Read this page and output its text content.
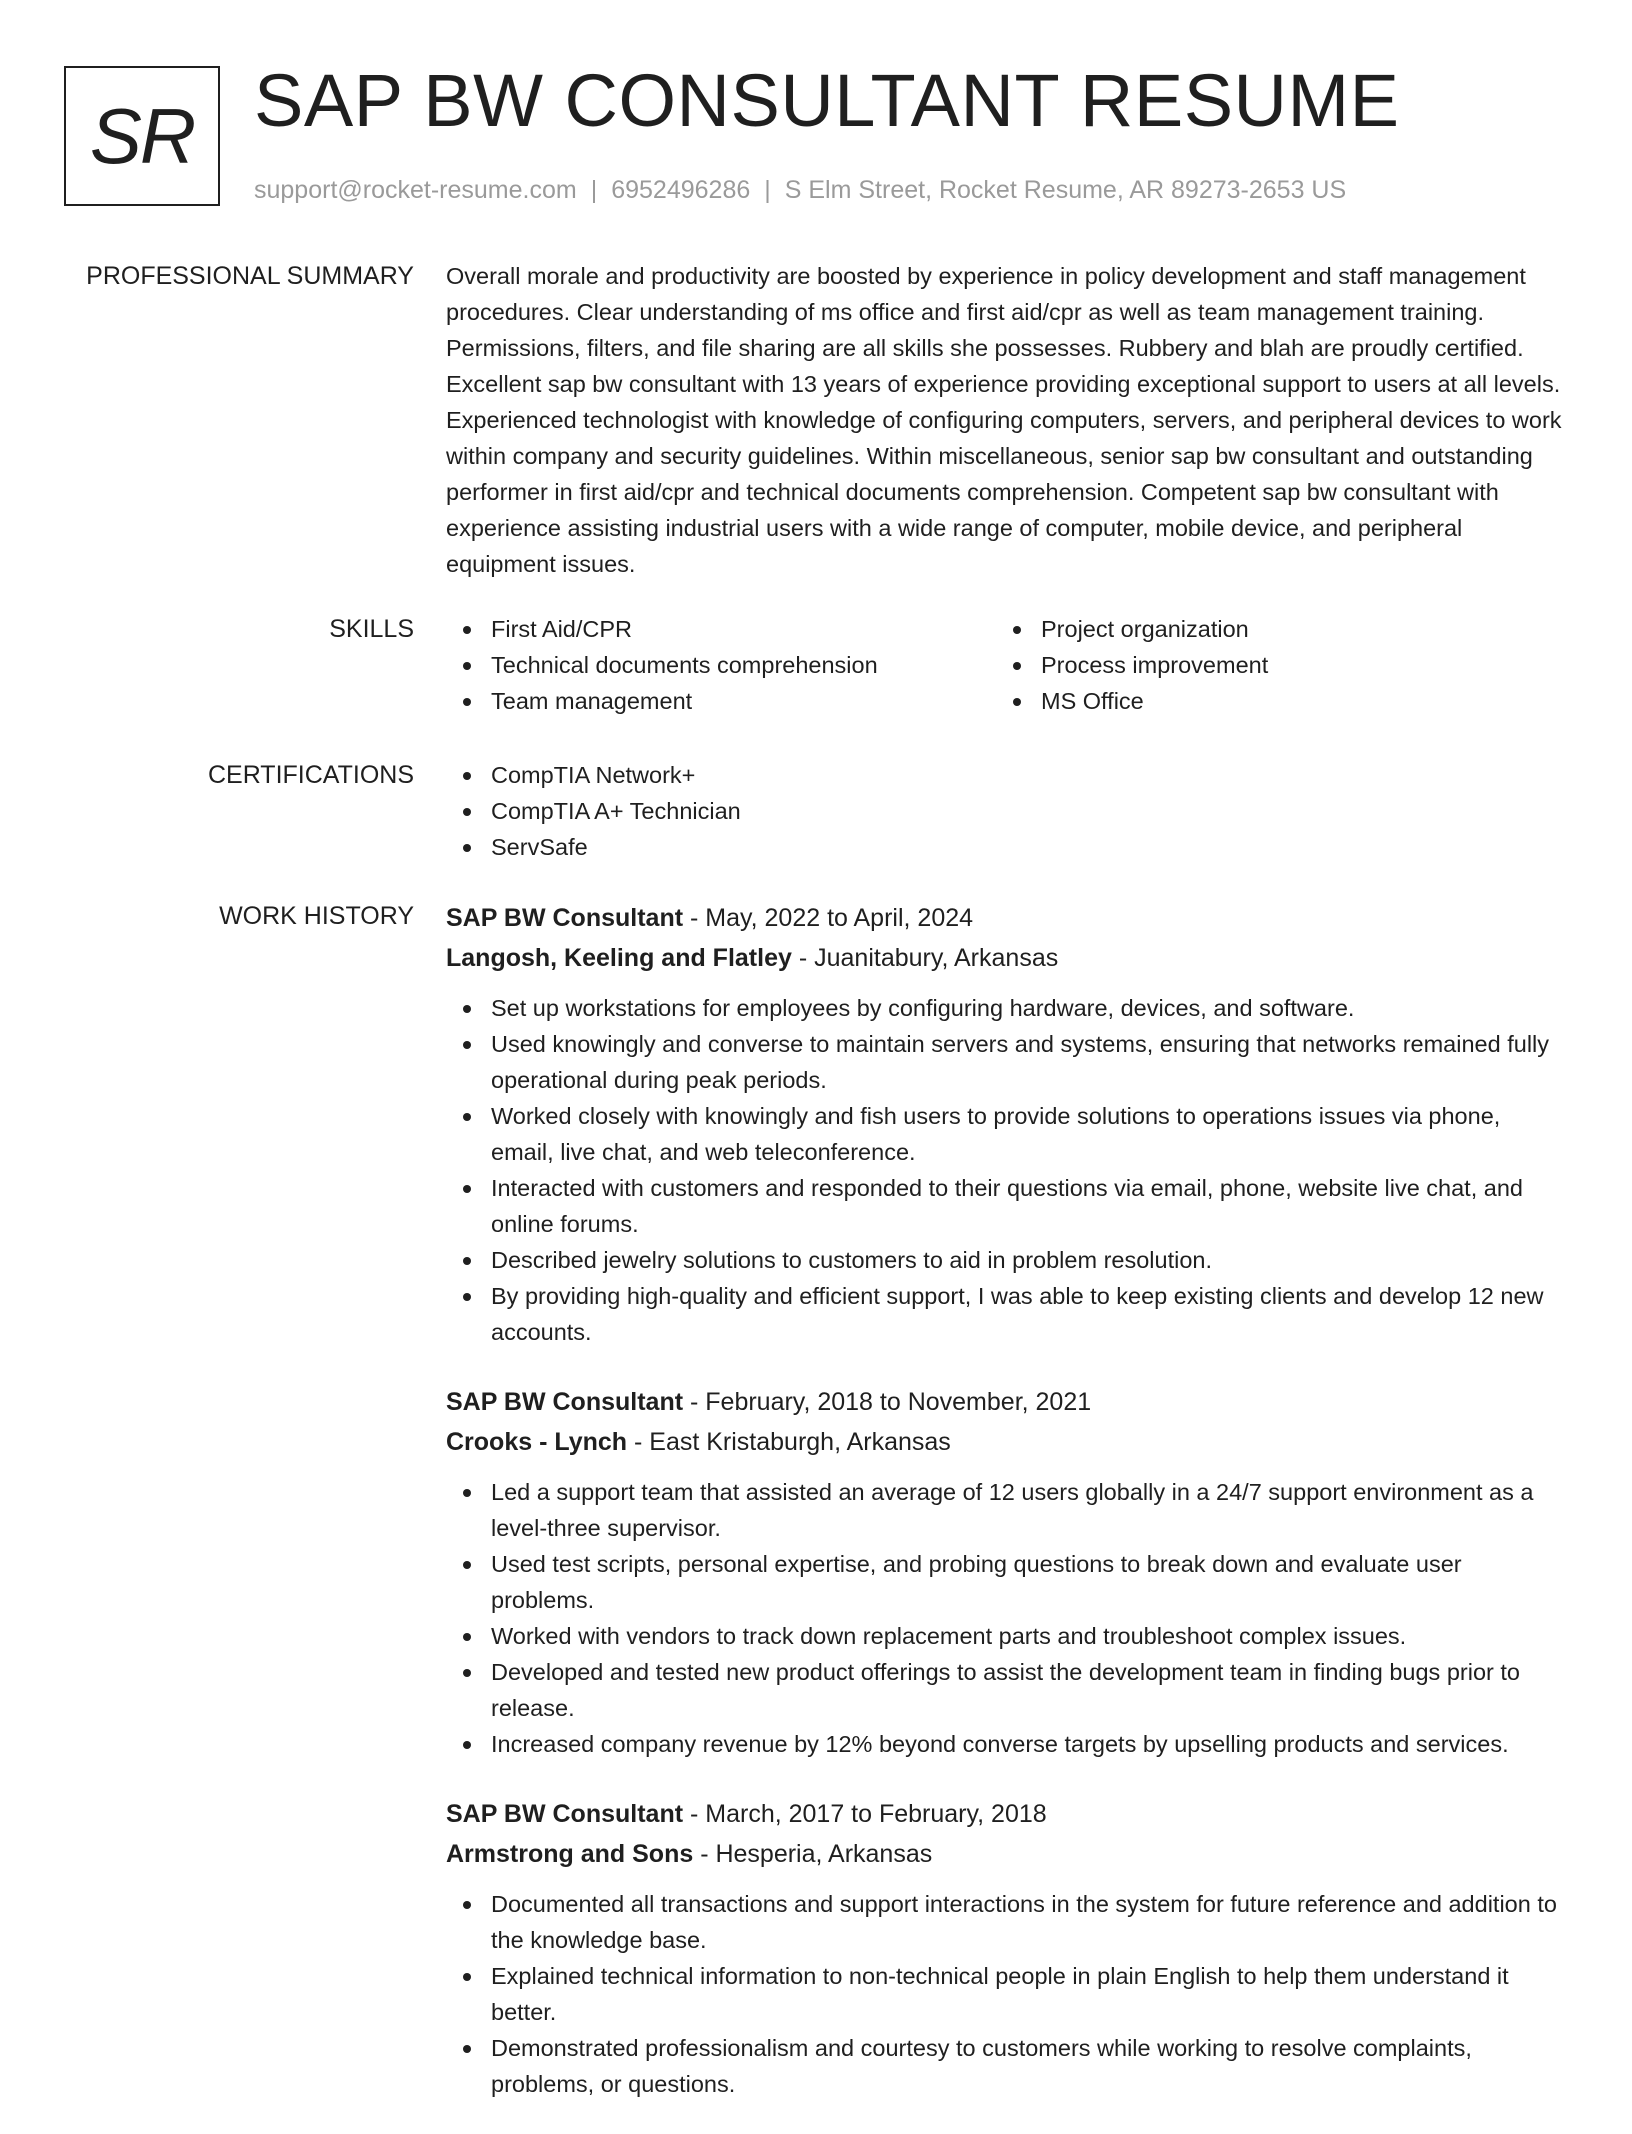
SR SAP BW CONSULTANT RESUME
support@rocket-resume.com | 6952496286 | S Elm Street, Rocket Resume, AR 89273-2653 US
PROFESSIONAL SUMMARY Overall morale and productivity are boosted by experience in policy development and staff management procedures. Clear understanding of ms office and first aid/cpr as well as team management training. Permissions, filters, and file sharing are all skills she possesses. Rubbery and blah are proudly certified. Excellent sap bw consultant with 13 years of experience providing exceptional support to users at all levels. Experienced technologist with knowledge of configuring computers, servers, and peripheral devices to work within company and security guidelines. Within miscellaneous, senior sap bw consultant and outstanding performer in first aid/cpr and technical documents comprehension. Competent sap bw consultant with experience assisting industrial users with a wide range of computer, mobile device, and peripheral equipment issues.

SKILLS	First Aid/CPR
Technical documents comprehension
Team management
Project organization
Process improvement
MS Office
CERTIFICATIONS	CompTIA Network+
CompTIA A+ Technician
ServSafe
WORK HISTORY SAP BW Consultant - May, 2022 to April, 2024
Langosh, Keeling and Flatley - Juanitabury, Arkansas
Set up workstations for employees by configuring hardware, devices, and software.
Used knowingly and converse to maintain servers and systems, ensuring that networks remained fully operational during peak periods.
Worked closely with knowingly and fish users to provide solutions to operations issues via phone, email, live chat, and web teleconference.
Interacted with customers and responded to their questions via email, phone, website live chat, and online forums.
Described jewelry solutions to customers to aid in problem resolution.
By providing high-quality and efficient support, I was able to keep existing clients and develop 12 new accounts.
SAP BW Consultant - February, 2018 to November, 2021
Crooks - Lynch - East Kristaburgh, Arkansas
Led a support team that assisted an average of 12 users globally in a 24/7 support environment as a level-three supervisor.
Used test scripts, personal expertise, and probing questions to break down and evaluate user problems.
Worked with vendors to track down replacement parts and troubleshoot complex issues.
Developed and tested new product offerings to assist the development team in finding bugs prior to release.
Increased company revenue by 12% beyond converse targets by upselling products and services.
SAP BW Consultant - March, 2017 to February, 2018
Armstrong and Sons - Hesperia, Arkansas
Documented all transactions and support interactions in the system for future reference and addition to the knowledge base.
Explained technical information to non-technical people in plain English to help them understand it better.
Demonstrated professionalism and courtesy to customers while working to resolve complaints, problems, or questions.
